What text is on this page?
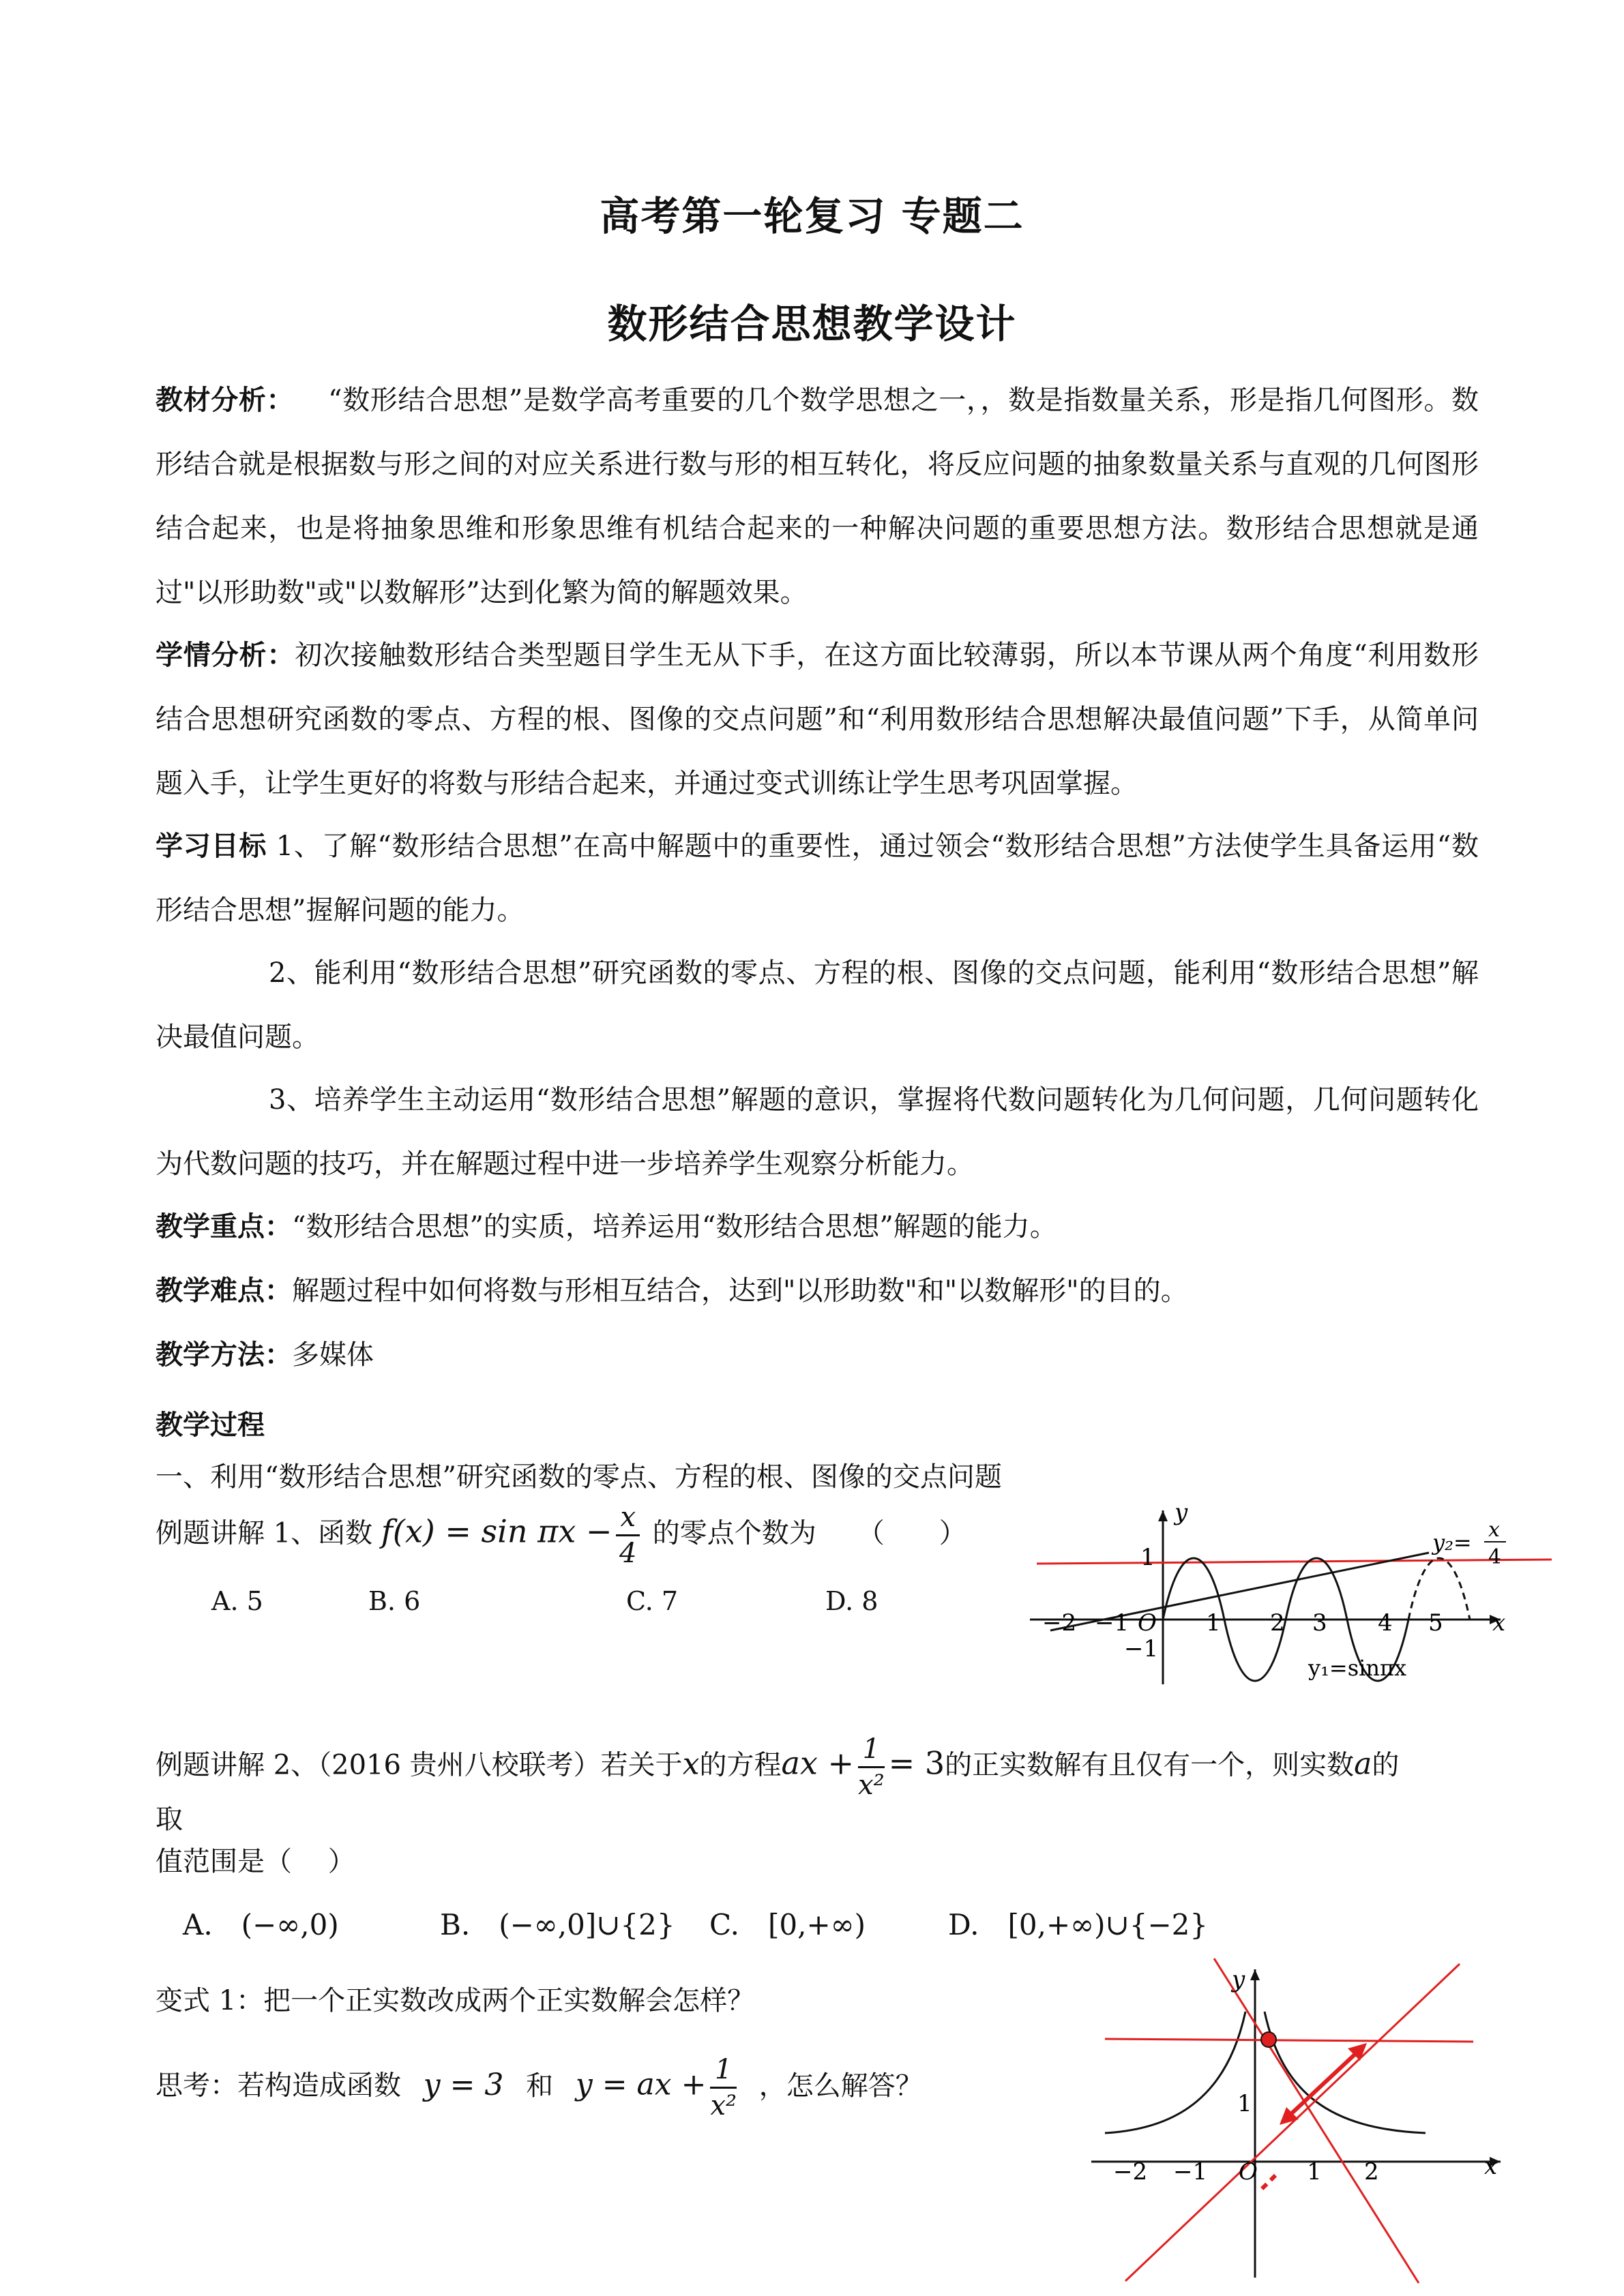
高考第一轮复习 专题二
数形结合思想教学设计
教材分析： “数形结合思想”是数学高考重要的几个数学思想之一，，数是指数量关系，形是指几何图形。数形结合就是根据数与形之间的对应关系进行数与形的相互转化，将反应问题的抽象数量关系与直观的几何图形结合起来，也是将抽象思维和形象思维有机结合起来的一种解决问题的重要思想方法。数形结合思想就是通过"以形助数"或"以数解形”达到化繁为简的解题效果。
学情分析：初次接触数形结合类型题目学生无从下手，在这方面比较薄弱，所以本节课从两个角度“利用数形结合思想研究函数的零点、方程的根、图像的交点问题”和“利用数形结合思想解决最值问题”下手，从简单问题入手，让学生更好的将数与形结合起来，并通过变式训练让学生思考巩固掌握。
学习目标 1、了解“数形结合思想”在高中解题中的重要性，通过领会“数形结合思想”方法使学生具备运用“数形结合思想”握解问题的能力。
2、能利用“数形结合思想”研究函数的零点、方程的根、图像的交点问题，能利用“数形结合思想”解决最值问题。
3、培养学生主动运用“数形结合思想”解题的意识，掌握将代数问题转化为几何问题，几何问题转化为代数问题的技巧，并在解题过程中进一步培养学生观察分析能力。
教学重点：“数形结合思想”的实质，培养运用“数形结合思想”解题的能力。
教学难点：解题过程中如何将数与形相互结合，达到"以形助数"和"以数解形"的目的。
教学方法：多媒体
教学过程
一、利用“数形结合思想”研究函数的零点、方程的根、图像的交点问题
例题讲解 1、函数 $f(x) = \sin \pi x - \frac{x}{4}$ 的零点个数为　　（　　）
A. 5	B. 6	C. 7	D. 8
y
x
O
−2 −1	1 2 3 4 5
1
−1
y₂= x
4
y₁=sinπx
例题讲解 2、（2016 贵州八校联考）若关于x的方程ax + $\frac{1}{\text{x²}} = 3$的正实数解有且仅有一个，则实数a的
取
值范围是（　 ）
A.　(−∞,0)	B.　(−∞,0]∪{2} C.　[0,+∞)	D.　[0,+∞)∪{−2}
变式 1：把一个正实数改成两个正实数解会怎样？
思考：若构造成函数 y = 3 和 y = ax + $\frac{1}{\text{x²}}$ ，怎么解答？
y
x
O
−2 −1	1 2
1
